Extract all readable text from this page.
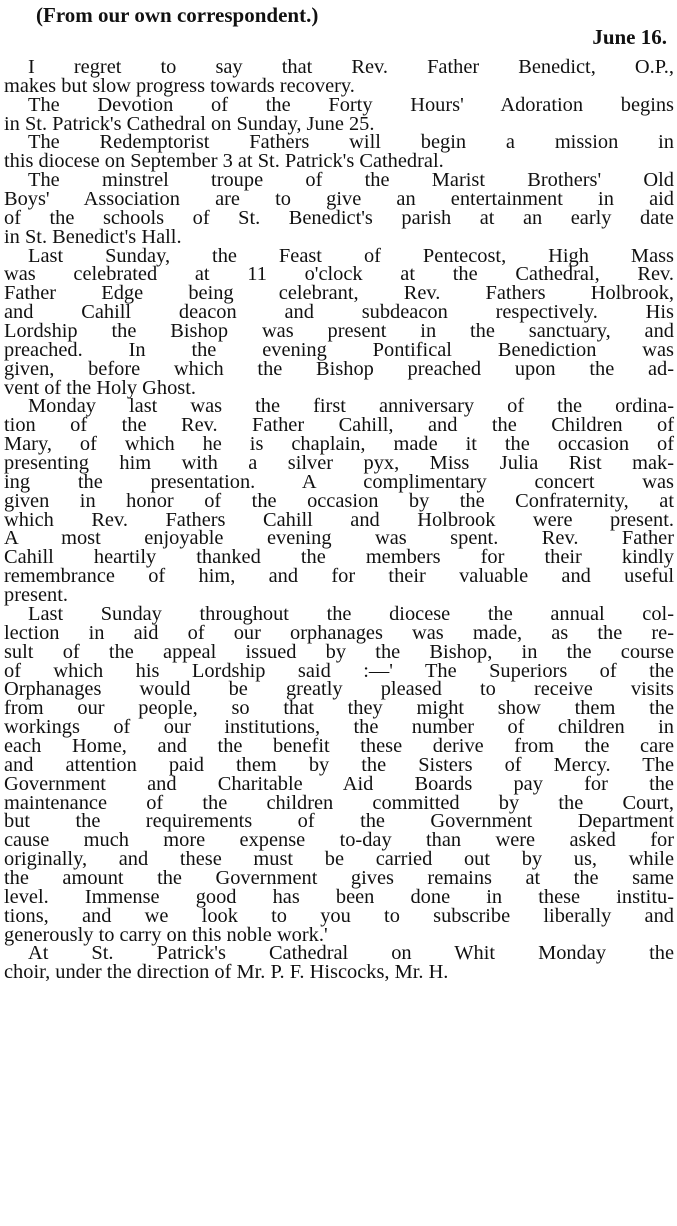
(From our own correspondent.)
June 16.
I regret to say that Rev. Father Benedict, O.P.,
makes but slow progress towards recovery.
The Devotion of the Forty Hours' Adoration begins
in St. Patrick's Cathedral on Sunday, June 25.
The Redemptorist Fathers will begin a mission in
this diocese on September 3 at St. Patrick's Cathedral.
The minstrel troupe of the Marist Brothers' Old
Boys' Association are to give an entertainment in aid
of the schools of St. Benedict's parish at an early date
in St. Benedict's Hall.
Last Sunday, the Feast of Pentecost, High Mass
was celebrated at 11 o'clock at the Cathedral, Rev.
Father Edge being celebrant, Rev. Fathers Holbrook,
and Cahill deacon and subdeacon respectively. His
Lordship the Bishop was present in the sanctuary, and
preached. In the evening Pontifical Benediction was
given, before which the Bishop preached upon the ad-
vent of the Holy Ghost.
Monday last was the first anniversary of the ordina-
tion of the Rev. Father Cahill, and the Children of
Mary, of which he is chaplain, made it the occasion of
presenting him with a silver pyx, Miss Julia Rist mak-
ing the presentation. A complimentary concert was
given in honor of the occasion by the Confraternity, at
which Rev. Fathers Cahill and Holbrook were present.
A most enjoyable evening was spent. Rev. Father
Cahill heartily thanked the members for their kindly
remembrance of him, and for their valuable and useful
present.
Last Sunday throughout the diocese the annual col-
lection in aid of our orphanages was made, as the re-
sult of the appeal issued by the Bishop, in the course
of which his Lordship said :—' The Superiors of the
Orphanages would be greatly pleased to receive visits
from our people, so that they might show them the
workings of our institutions, the number of children in
each Home, and the benefit these derive from the care
and attention paid them by the Sisters of Mercy. The
Government and Charitable Aid Boards pay for the
maintenance of the children committed by the Court,
but the requirements of the Government Department
cause much more expense to-day than were asked for
originally, and these must be carried out by us, while
the amount the Government gives remains at the same
level. Immense good has been done in these institu-
tions, and we look to you to subscribe liberally and
generously to carry on this noble work.'
At St. Patrick's Cathedral on Whit Monday the
choir, under the direction of Mr. P. F. Hiscocks, Mr. H.
